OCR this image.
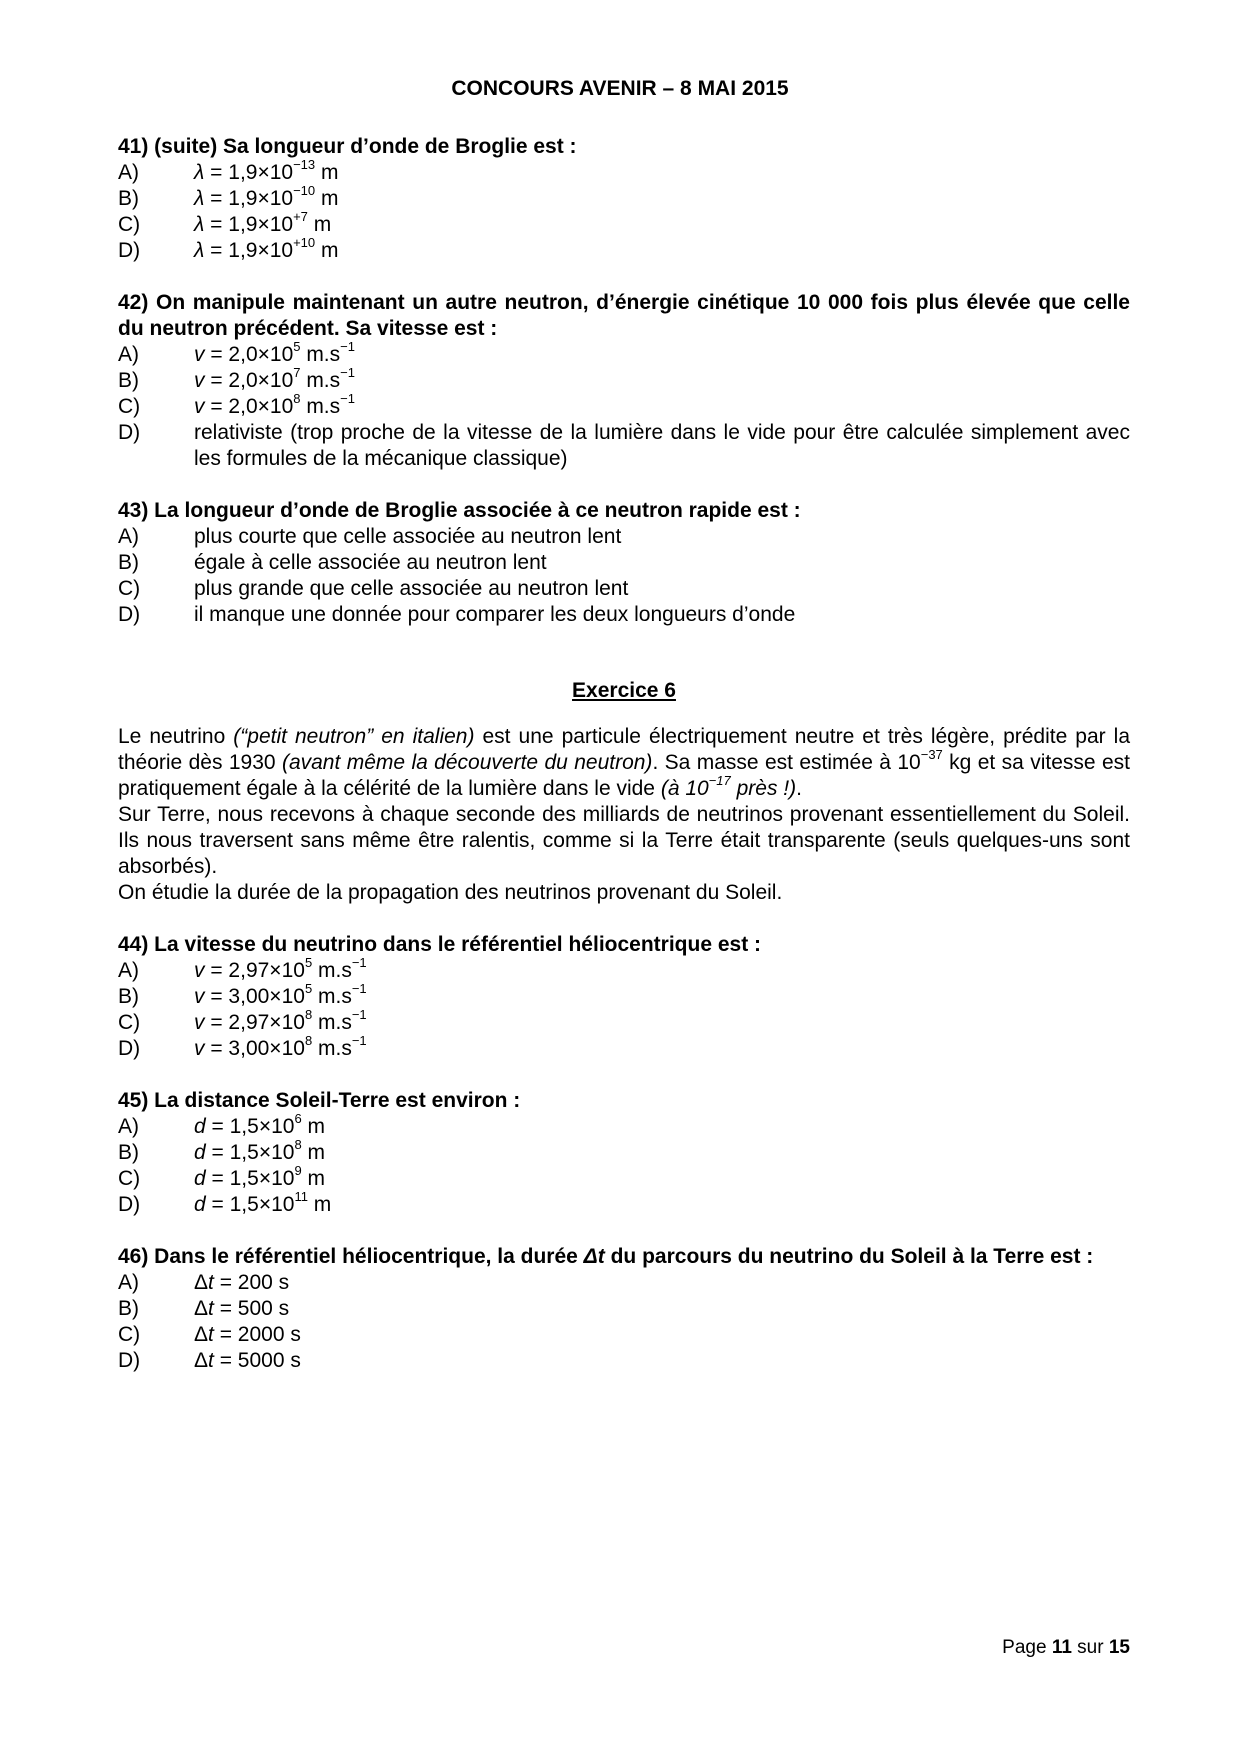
CONCOURS AVENIR – 8 MAI 2015

41) (suite) Sa longueur d’onde de Broglie est :

A)	$\lambda = 1,9\times 10^{-13}$ m
B)	$\lambda = 1,9\times 10^{-10}$ m
C)	$\lambda = 1,9\times 10^{+7}$ m
D)	$\lambda = 1,9\times 10^{+10}$ m

42) On manipule maintenant un autre neutron, d’énergie cinétique 10 000 fois plus élevée que celle du neutron précédent. Sa vitesse est :

A)	$v = 2,0\times 10^5$ $m.s^{-1}$
B)	$v = 2,0\times 10^7$ $m.s^{-1}$
C)	$v = 2,0\times 10^8$ $m.s^{-1}$
D)	relativiste (trop proche de la vitesse de la lumière dans le vide pour être calculée simplement avec les formules de la mécanique classique)

43) La longueur d’onde de Broglie associée à ce neutron rapide est :

A)	plus courte que celle associée au neutron lent
B)	égale à celle associée au neutron lent
C)	plus grande que celle associée au neutron lent
D)	il manque une donnée pour comparer les deux longueurs d’onde
Exercice 6

Le neutrino (“petit neutron” en italien) est une particule électriquement neutre et très légère, prédite par la théorie dès 1930 (avant même la découverte du neutron). Sa masse est estimée à $10^{-37}$ kg et sa vitesse est pratiquement égale à la célérité de la lumière dans le vide (à $10^{-17}$ près !).

Sur Terre, nous recevons à chaque seconde des milliards de neutrinos provenant essentiellement du Soleil. Ils nous traversent sans même être ralentis, comme si la Terre était transparente (seuls quelques-uns sont absorbés).

On étudie la durée de la propagation des neutrinos provenant du Soleil.

44) La vitesse du neutrino dans le référentiel héliocentrique est :

A)	$v = 2,97\times 10^5$ $m.s^{-1}$
B)	$v = 3,00\times 10^5$ $m.s^{-1}$
C)	$v = 2,97\times 10^8$ $m.s^{-1}$
D)	$v = 3,00\times 10^8$ $m.s^{-1}$

45) La distance Soleil-Terre est environ :

A)	$d = 1,5\times 10^6$ m
B)	$d = 1,5\times 10^8$ m
C)	$d = 1,5\times 10^9$ m
D)	$d = 1,5\times 10^{11}$ m

46) Dans le référentiel héliocentrique, la durée Δt du parcours du neutrino du Soleil à la Terre est :

A)	Δt = 200 s
B)	Δt = 500 s
C)	Δt = 2000 s
D)	Δt = 5000 s
Page 11 sur 15
